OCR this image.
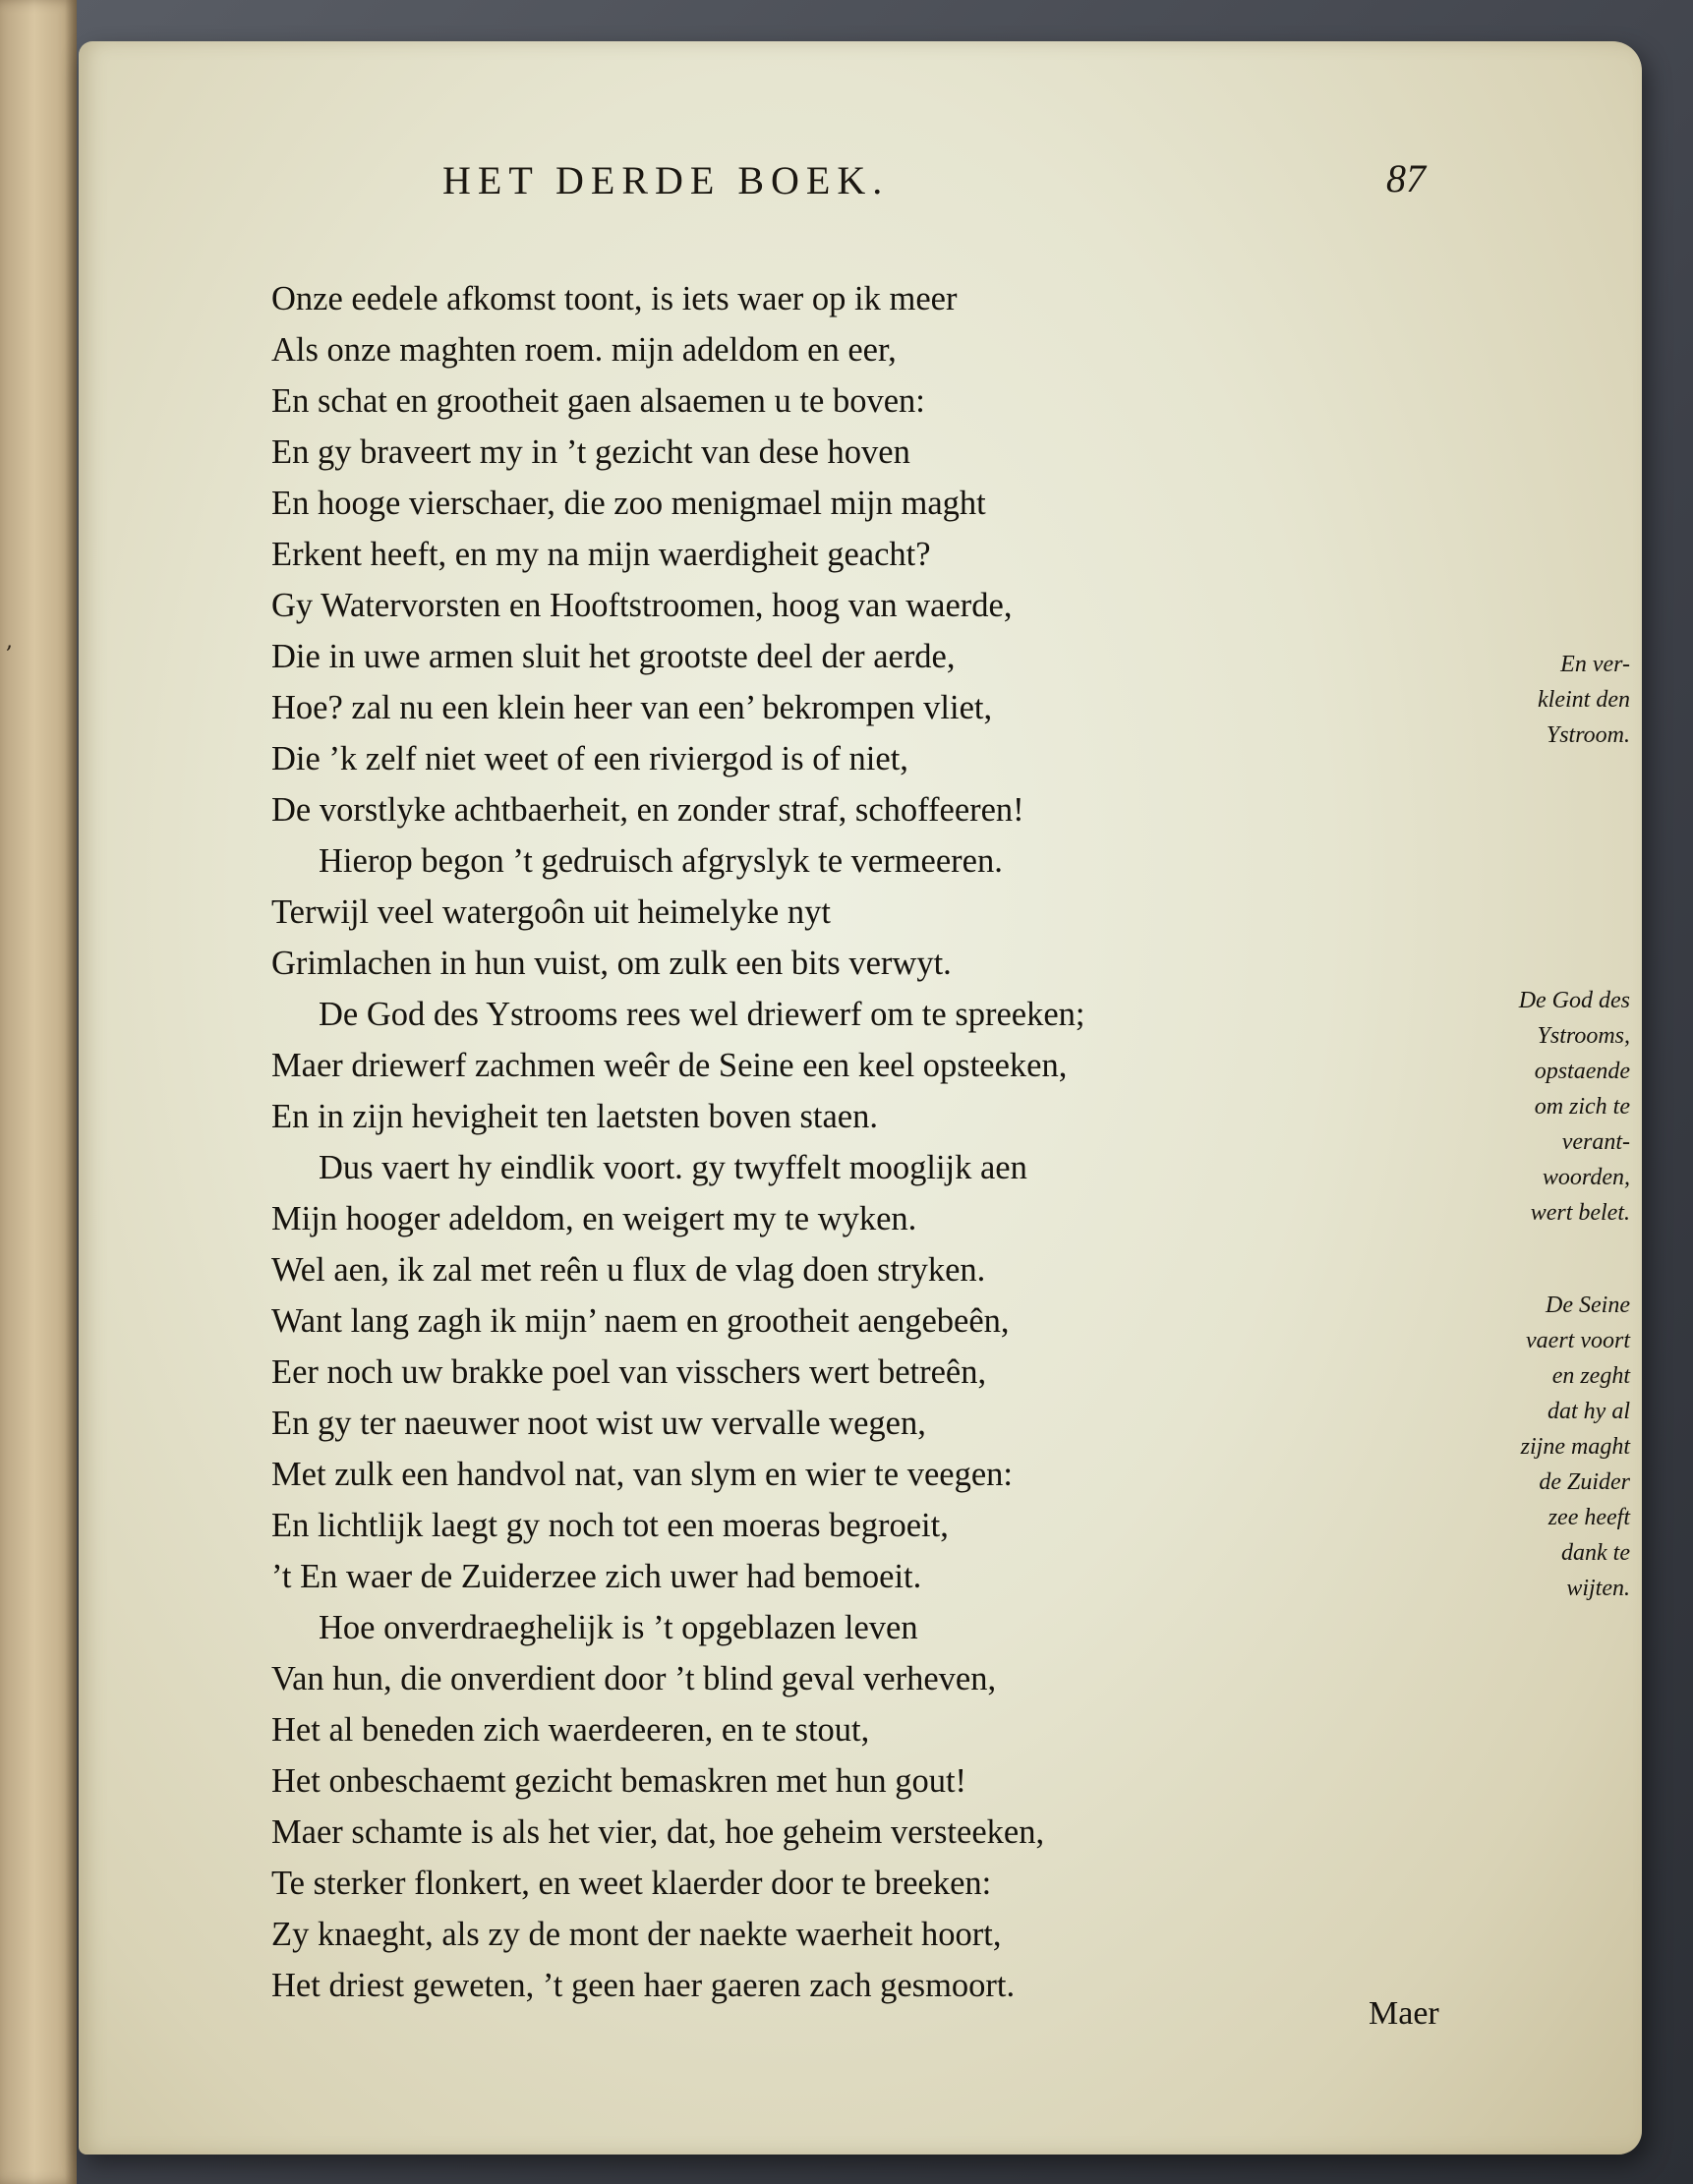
,
HET DERDE BOEK.	87
Onze eedele afkomst toont, is iets waer op ik meer
Als onze maghten roem. mijn adeldom en eer,
En schat en grootheit gaen alsaemen u te boven:
En gy braveert my in ’t gezicht van dese hoven
En hooge vierschaer, die zoo menigmael mijn maght
Erkent heeft, en my na mijn waerdigheit geacht?
Gy Watervorsten en Hooftstroomen, hoog van waerde,
Die in uwe armen sluit het grootste deel der aerde,
Hoe? zal nu een klein heer van een’ bekrompen vliet,
Die ’k zelf niet weet of een riviergod is of niet,
De vorstlyke achtbaerheit, en zonder straf, schoffeeren!
Hierop begon ’t gedruisch afgryslyk te vermeeren.
Terwijl veel watergoôn uit heimelyke nyt
Grimlachen in hun vuist, om zulk een bits verwyt.
De God des Ystrooms rees wel driewerf om te spreeken;
Maer driewerf zachmen weêr de Seine een keel opsteeken,
En in zijn hevigheit ten laetsten boven staen.
Dus vaert hy eindlik voort. gy twyffelt mooglijk aen
Mijn hooger adeldom, en weigert my te wyken.
Wel aen, ik zal met reên u flux de vlag doen stryken.
Want lang zagh ik mijn’ naem en grootheit aengebeên,
Eer noch uw brakke poel van visschers wert betreên,
En gy ter naeuwer noot wist uw vervalle wegen,
Met zulk een handvol nat, van slym en wier te veegen:
En lichtlijk laegt gy noch tot een moeras begroeit,
’t En waer de Zuiderzee zich uwer had bemoeit.
Hoe onverdraeghelijk is ’t opgeblazen leven
Van hun, die onverdient door ’t blind geval verheven,
Het al beneden zich waerdeeren, en te stout,
Het onbeschaemt gezicht bemaskren met hun gout!
Maer schamte is als het vier, dat, hoe geheim versteeken,
Te sterker flonkert, en weet klaerder door te breeken:
Zy knaeght, als zy de mont der naekte waerheit hoort,
Het driest geweten, ’t geen haer gaeren zach gesmoort.
En ver-
kleint den
Ystroom.
De God des
Ystrooms,
opstaende
om zich te
verant-
woorden,
wert belet.
De Seine
vaert voort
en zeght
dat hy al
zijne maght
de Zuider
zee heeft
dank te
wijten.
Maer
